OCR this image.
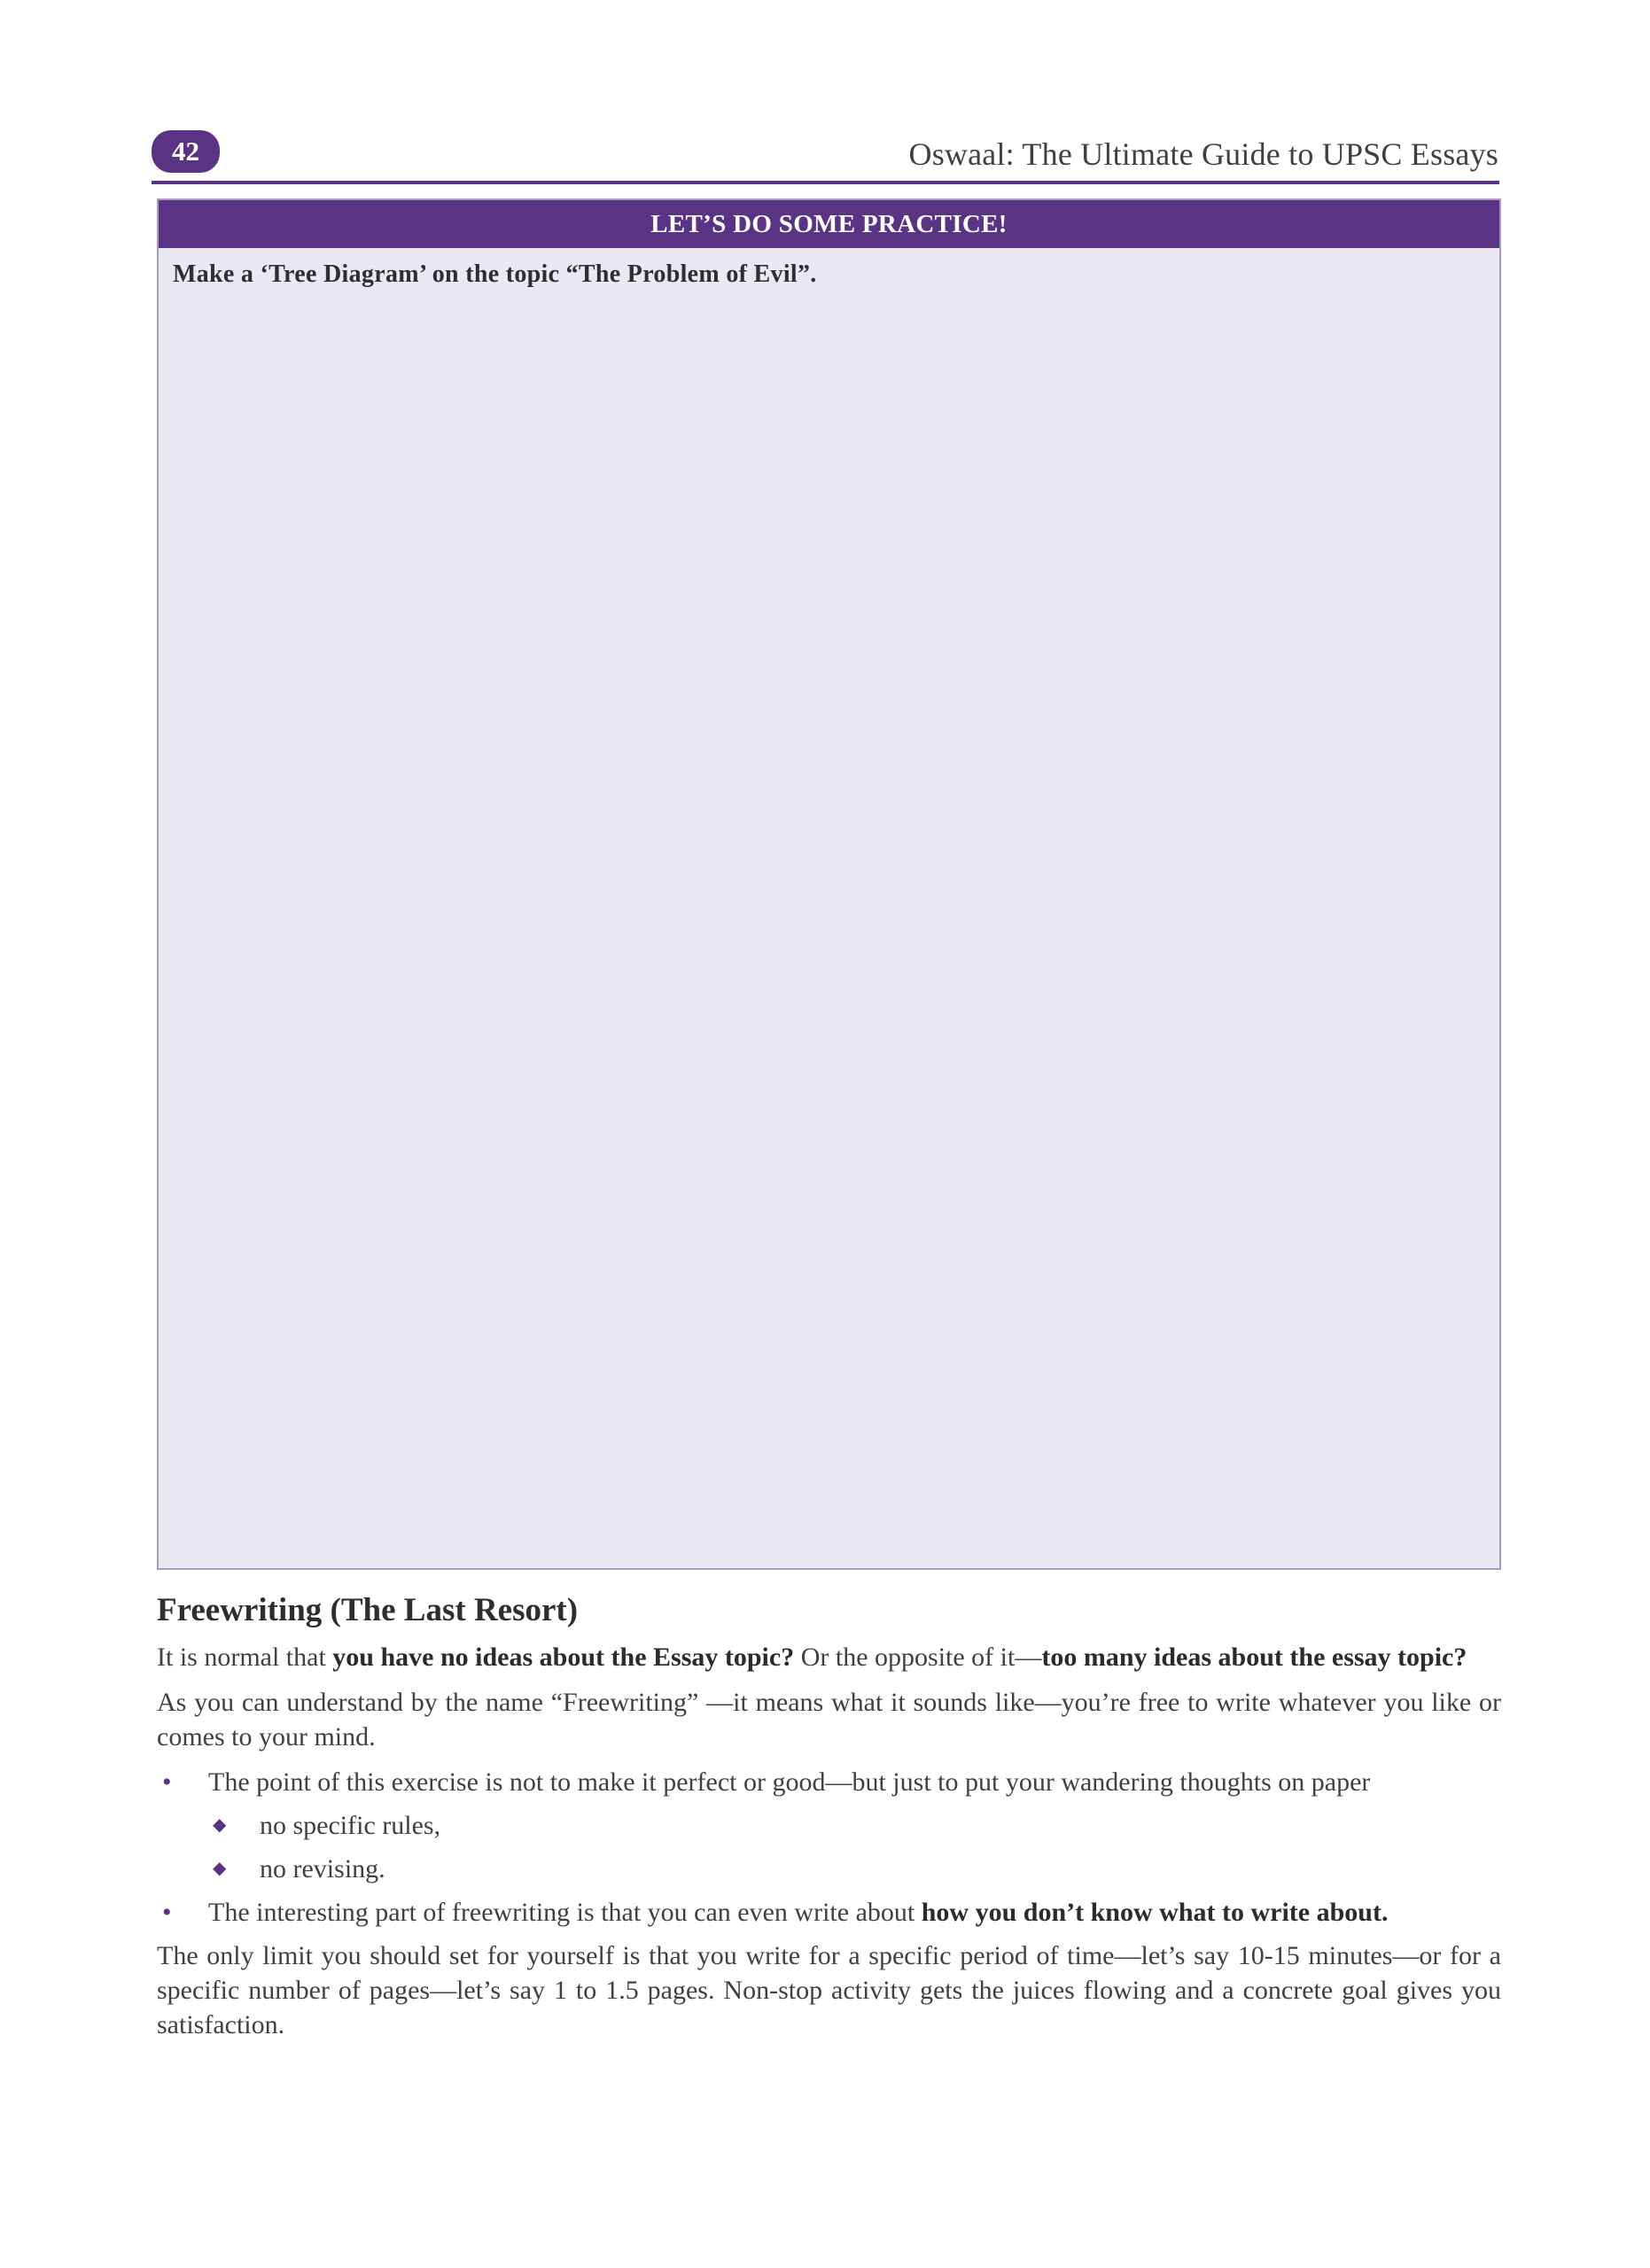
42	Oswaal: The Ultimate Guide to UPSC Essays
LET’S DO SOME PRACTICE!
Make a ‘Tree Diagram’ on the topic “The Problem of Evil”.
Freewriting (The Last Resort)

It is normal that you have no ideas about the Essay topic? Or the opposite of it—too many ideas about the essay topic?

As you can understand by the name “Freewriting” —it means what it sounds like—you’re free to write whatever you like or comes to your mind.

• The point of this exercise is not to make it perfect or good—but just to put your wandering thoughts on paper
◆ no specific rules,
◆ no revising.
• The interesting part of freewriting is that you can even write about how you don’t know what to write about.

The only limit you should set for yourself is that you write for a specific period of time—let’s say 10-15 minutes—or for a specific number of pages—let’s say 1 to 1.5 pages. Non-stop activity gets the juices flowing and a concrete goal gives you satisfaction.
